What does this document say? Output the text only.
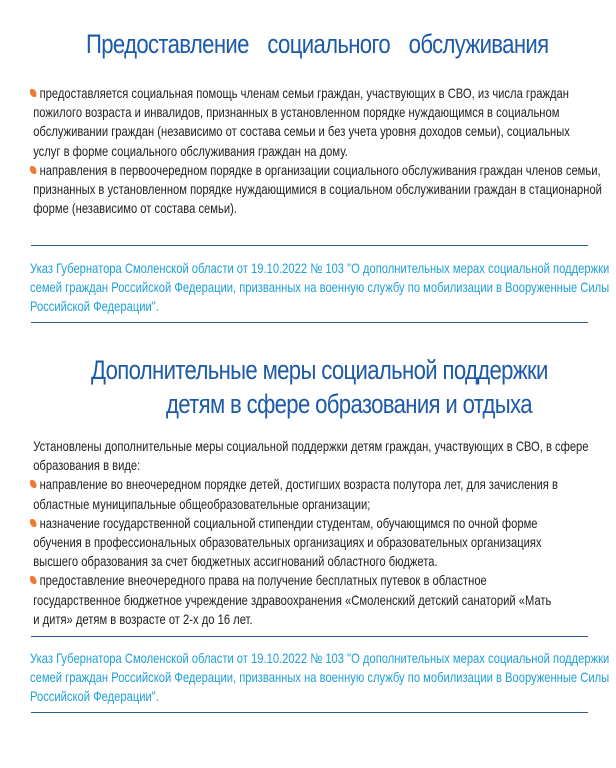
Предоставление социального обслуживания
предоставляется социальная помощь членам семьи граждан, участвующих в СВО, из числа граждан
пожилого возраста и инвалидов, признанных в установленном порядке нуждающимся в социальном
обслуживании граждан (независимо от состава семьи и без учета уровня доходов семьи), социальных
услуг в форме социального обслуживания граждан на дому.
направления в первоочередном порядке в организации социального обслуживания граждан членов семьи,
признанных в установленном порядке нуждающимися в социальном обслуживании граждан в стационарной
форме (независимо от состава семьи).
Указ Губернатора Смоленской области от 19.10.2022 № 103 "О дополнительных мерах социальной поддержки
семей граждан Российской Федерации, призванных на военную службу по мобилизации в Вооруженные Силы
Российской Федерации".
Дополнительные меры социальной поддержки
детям в сфере образования и отдыха
Установлены дополнительные меры социальной поддержки детям граждан, участвующих в СВО, в сфере
образования в виде:
направление во внеочередном порядке детей, достигших возраста полутора лет, для зачисления в
областные муниципальные общеобразовательные организации;
назначение государственной социальной стипендии студентам, обучающимся по очной форме
обучения в профессиональных образовательных организациях и образовательных организациях
высшего образования за счет бюджетных ассигнований областного бюджета.
предоставление внеочередного права на получение бесплатных путевок в областное
государственное бюджетное учреждение здравоохранения «Смоленский детский санаторий «Мать
и дитя» детям в возрасте от 2-х до 16 лет.
Указ Губернатора Смоленской области от 19.10.2022 № 103 "О дополнительных мерах социальной поддержки
семей граждан Российской Федерации, призванных на военную службу по мобилизации в Вооруженные Силы
Российской Федерации".
